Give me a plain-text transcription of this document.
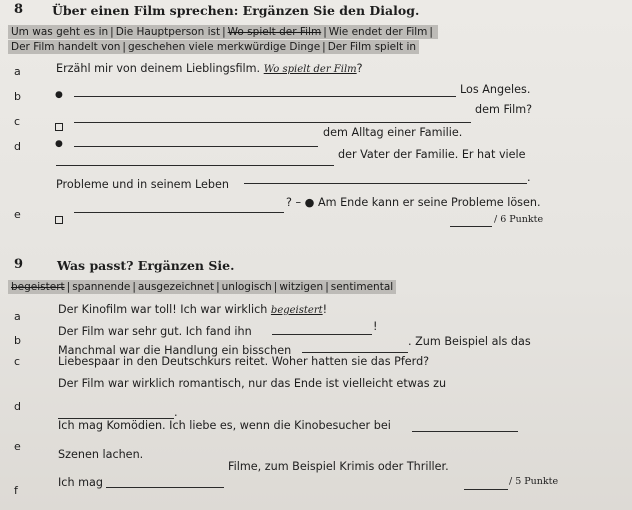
8 Über einen Film sprechen: Ergänzen Sie den Dialog.
Um was geht es in | Die Hauptperson ist | Wo spielt der Film | Wie endet der Film |
Der Film handelt von | geschehen viele merkwürdige Dinge | Der Film spielt in
a	Erzähl mir von deinem Lieblingsfilm. Wo spielt der Film?
b	●	Los Angeles.
c
dem Film?
d	●
dem Alltag einer Familie.
der Vater der Familie. Er hat viele
Probleme und in seinem Leben
.
e
? – ● Am Ende kann er seine Probleme lösen.
/ 6 Punkte
9	Was passt? Ergänzen Sie.
begeistert | spannende | ausgezeichnet | unlogisch | witzigen | sentimental
a
Der Kinofilm war toll! Ich war wirklich begeistert!
b
Der Film war sehr gut. Ich fand ihn	!
c
Manchmal war die Handlung ein bisschen
. Zum Beispiel als das
Liebespaar in den Deutschkurs reitet. Woher hatten sie das Pferd?
d
Der Film war wirklich romantisch, nur das Ende ist vielleicht etwas zu
.
e
Ich mag Komödien. Ich liebe es, wenn die Kinobesucher bei
Szenen lachen.
f
Ich mag
Filme, zum Beispiel Krimis oder Thriller.
/ 5 Punkte
